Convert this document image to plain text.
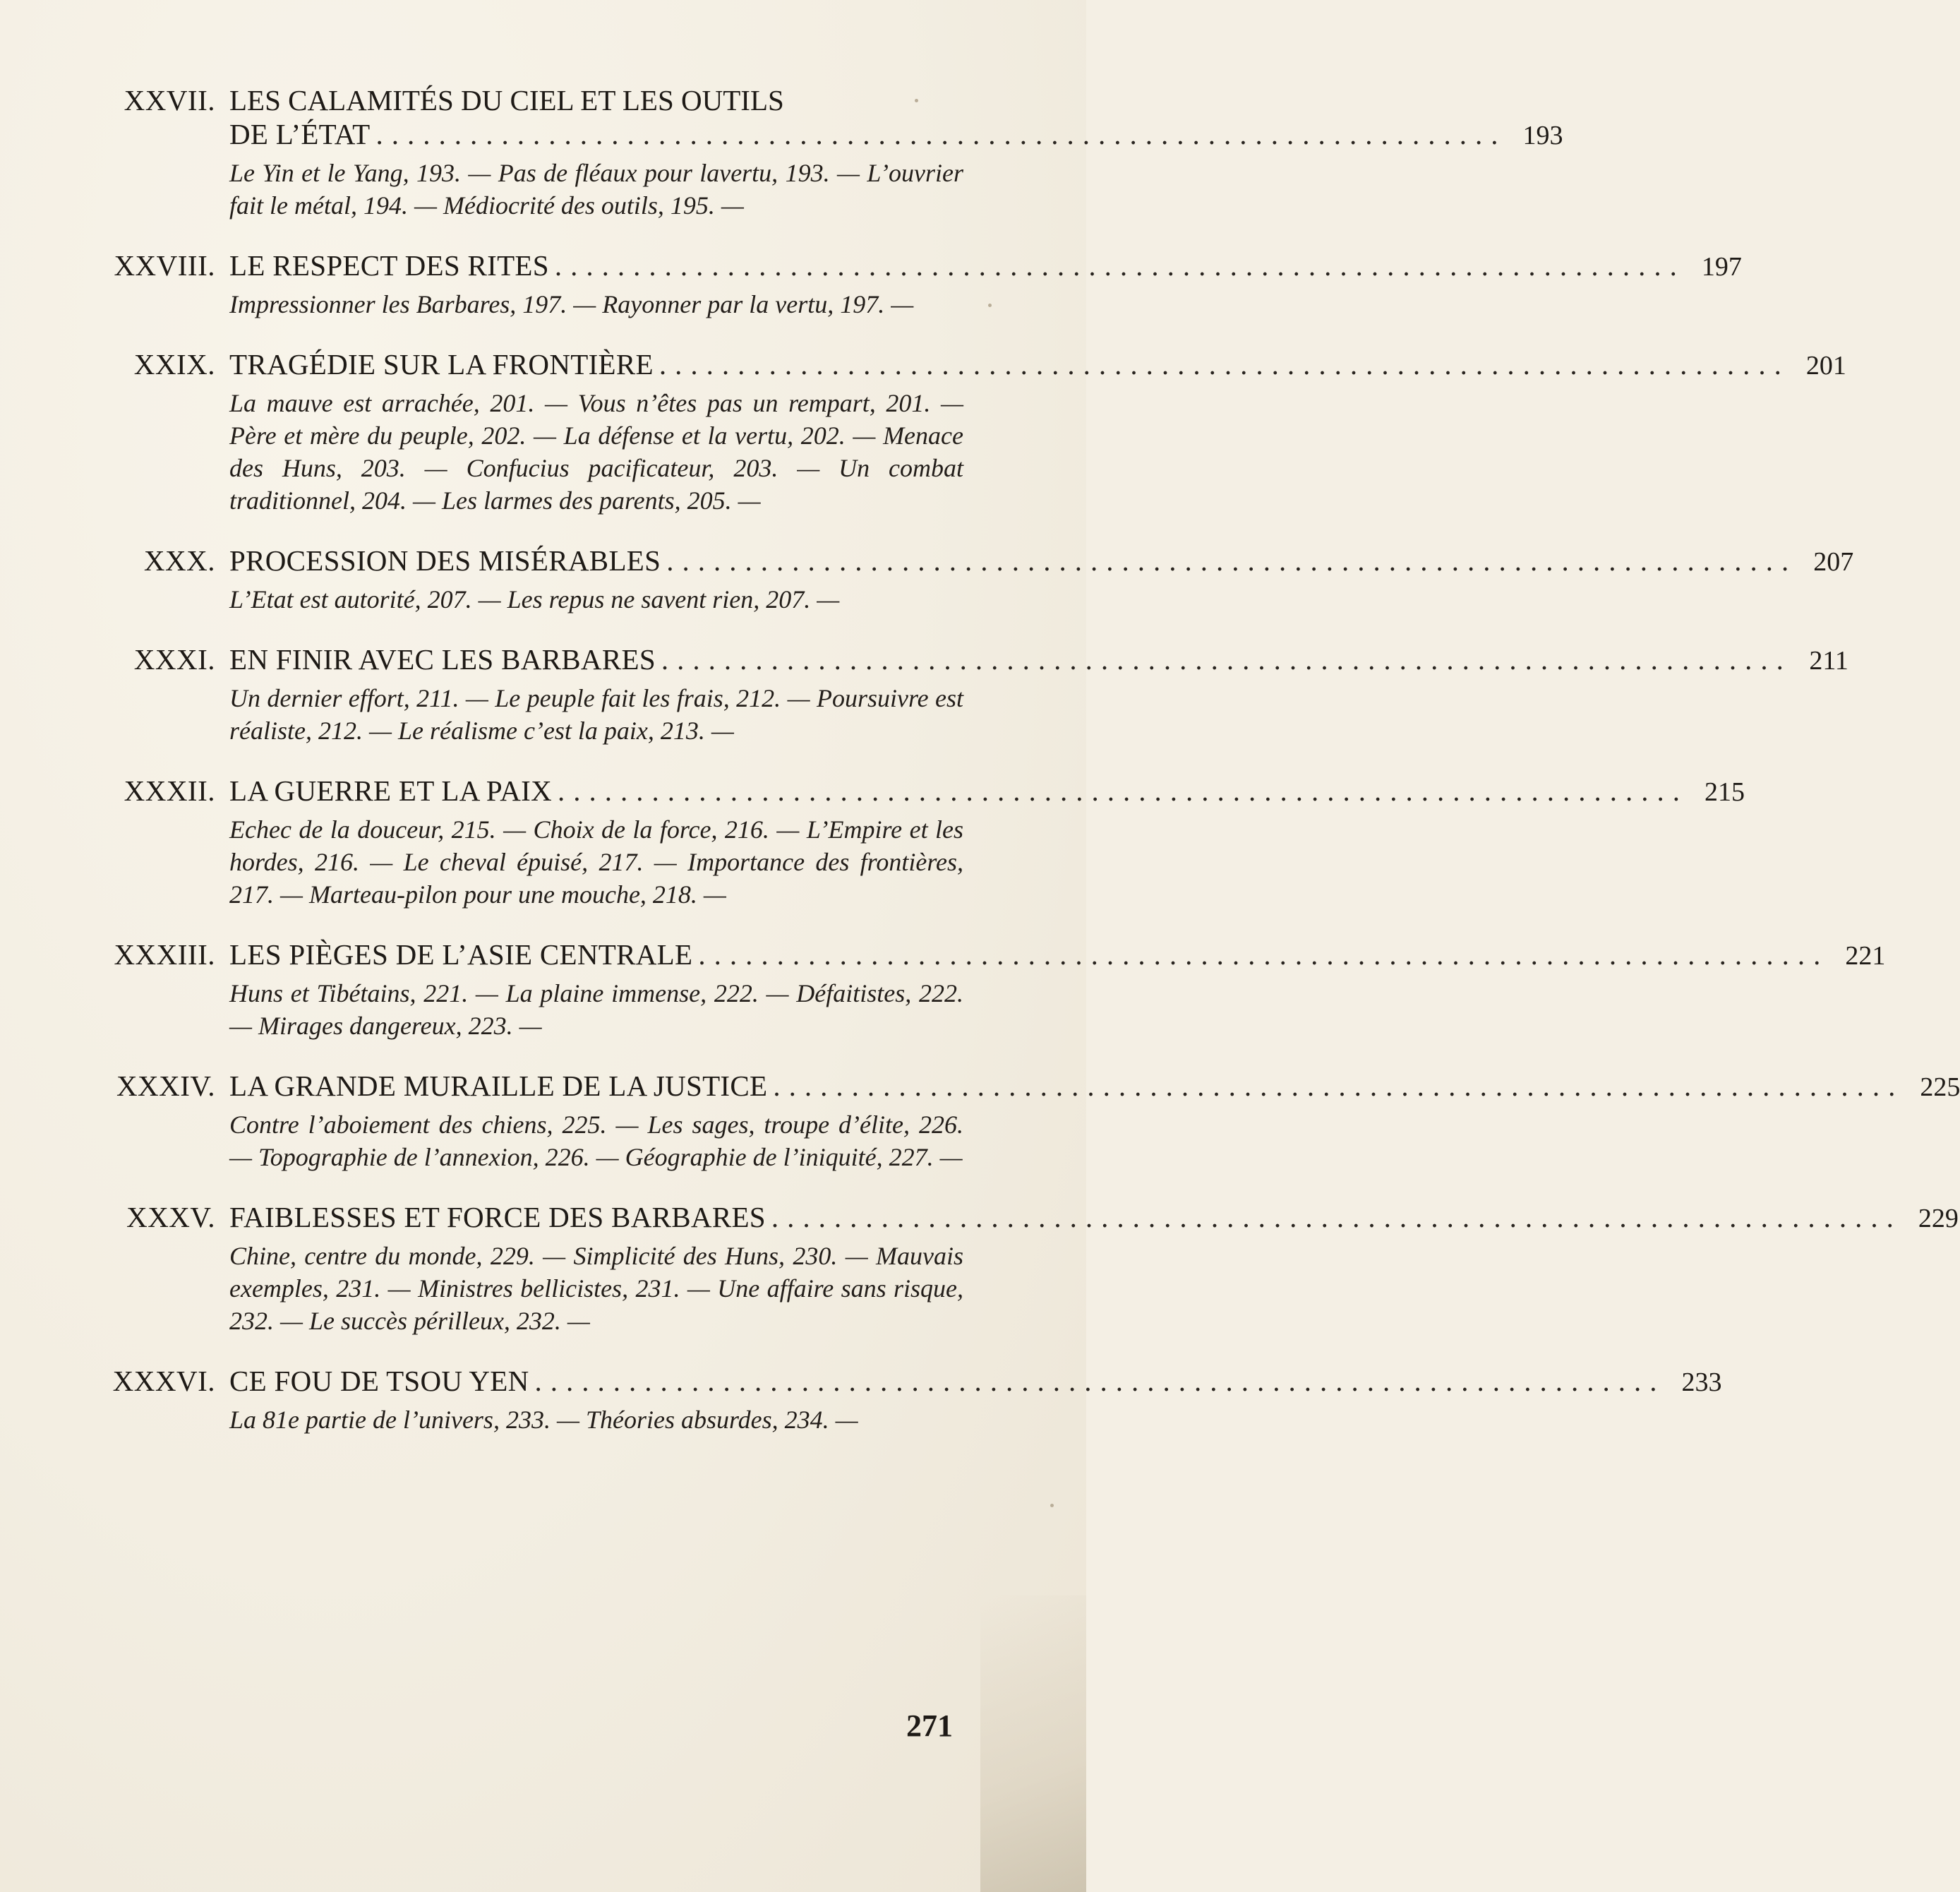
XXVII. LES CALAMITÉS DU CIEL ET LES OUTILS
DE L’ÉTAT ........................................................................ 193
Le Yin et le Yang, 193. — Pas de fléaux pour lavertu, 193. — L’ouvrier fait le métal, 194. — Médiocrité des outils, 195. —
XXVIII. LE RESPECT DES RITES ........................................................................ 197
Impressionner les Barbares, 197. — Rayonner par la vertu, 197. —
XXIX. TRAGÉDIE SUR LA FRONTIÈRE ........................................................................ 201
La mauve est arrachée, 201. — Vous n’êtes pas un rempart, 201. — Père et mère du peuple, 202. — La défense et la vertu, 202. — Menace des Huns, 203. — Confucius pacificateur, 203. — Un combat traditionnel, 204. — Les larmes des parents, 205. —
XXX. PROCESSION DES MISÉRABLES ........................................................................ 207
L’Etat est autorité, 207. — Les repus ne savent rien, 207. —
XXXI. EN FINIR AVEC LES BARBARES ........................................................................ 211
Un dernier effort, 211. — Le peuple fait les frais, 212. — Poursuivre est réaliste, 212. — Le réalisme c’est la paix, 213. —
XXXII. LA GUERRE ET LA PAIX ........................................................................ 215
Echec de la douceur, 215. — Choix de la force, 216. — L’Empire et les hordes, 216. — Le cheval épuisé, 217. — Importance des frontières, 217. — Marteau-pilon pour une mouche, 218. —
XXXIII. LES PIÈGES DE L’ASIE CENTRALE ........................................................................ 221
Huns et Tibétains, 221. — La plaine immense, 222. — Défaitistes, 222. — Mirages dangereux, 223. —
XXXIV. LA GRANDE MURAILLE DE LA JUSTICE ........................................................................ 225
Contre l’aboiement des chiens, 225. — Les sages, troupe d’élite, 226. — Topographie de l’annexion, 226. — Géographie de l’iniquité, 227. —
XXXV. FAIBLESSES ET FORCE DES BARBARES ........................................................................ 229
Chine, centre du monde, 229. — Simplicité des Huns, 230. — Mauvais exemples, 231. — Ministres bellicistes, 231. — Une affaire sans risque, 232. — Le succès périlleux, 232. —
XXXVI. CE FOU DE TSOU YEN ........................................................................ 233
La 81e partie de l’univers, 233. — Théories absurdes, 234. —
271
